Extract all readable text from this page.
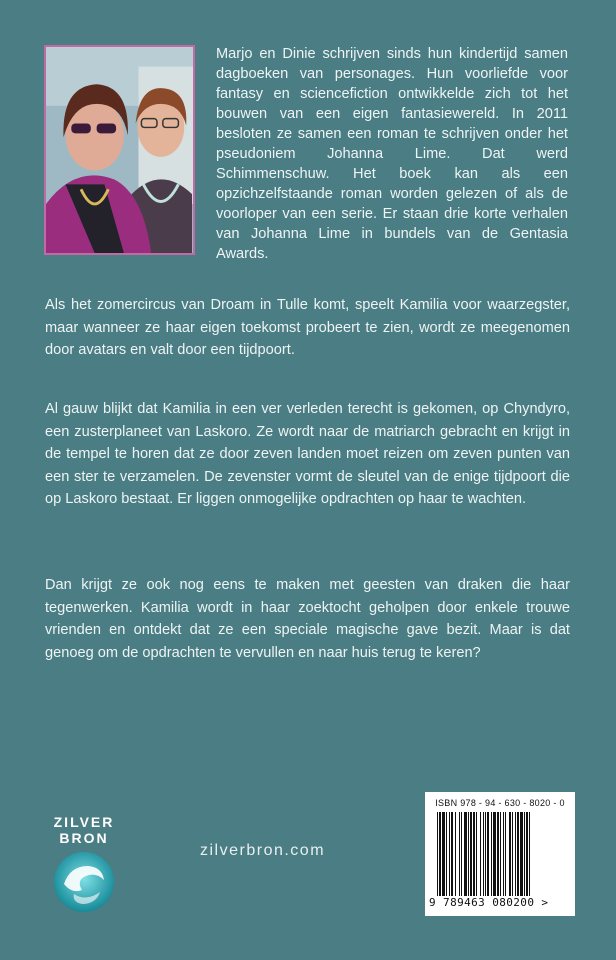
Marjo en Dinie schrijven sinds hun kindertijd samen dagboeken van personages. Hun voorliefde voor fantasy en sciencefiction ontwikkelde zich tot het bouwen van een eigen fantasiewereld. In 2011 besloten ze samen een roman te schrijven onder het pseudoniem Johanna Lime. Dat werd Schimmenschuw. Het boek kan als een opzichzelfstaande roman worden gelezen of als de voorloper van een serie. Er staan drie korte verhalen van Johanna Lime in bundels van de Gentasia Awards.

Als het zomercircus van Droam in Tulle komt, speelt Kamilia voor waarzegster, maar wanneer ze haar eigen toekomst probeert te zien, wordt ze meegenomen door avatars en valt door een tijdpoort.

Al gauw blijkt dat Kamilia in een ver verleden terecht is gekomen, op Chyndyro, een zusterplaneet van Laskoro. Ze wordt naar de matriarch gebracht en krijgt in de tempel te horen dat ze door zeven landen moet reizen om zeven punten van een ster te verzamelen. De zevenster vormt de sleutel van de enige tijdpoort die op Laskoro bestaat. Er liggen onmogelijke opdrachten op haar te wachten.

Dan krijgt ze ook nog eens te maken met geesten van draken die haar tegenwerken. Kamilia wordt in haar zoektocht geholpen door enkele trouwe vrienden en ontdekt dat ze een speciale magische gave bezit. Maar is dat genoeg om de opdrachten te vervullen en naar huis terug te keren?

ZILVER
BRON
zilverbron.com
ISBN 978 - 94 - 630 - 8020 - 0
9 789463 080200 >
